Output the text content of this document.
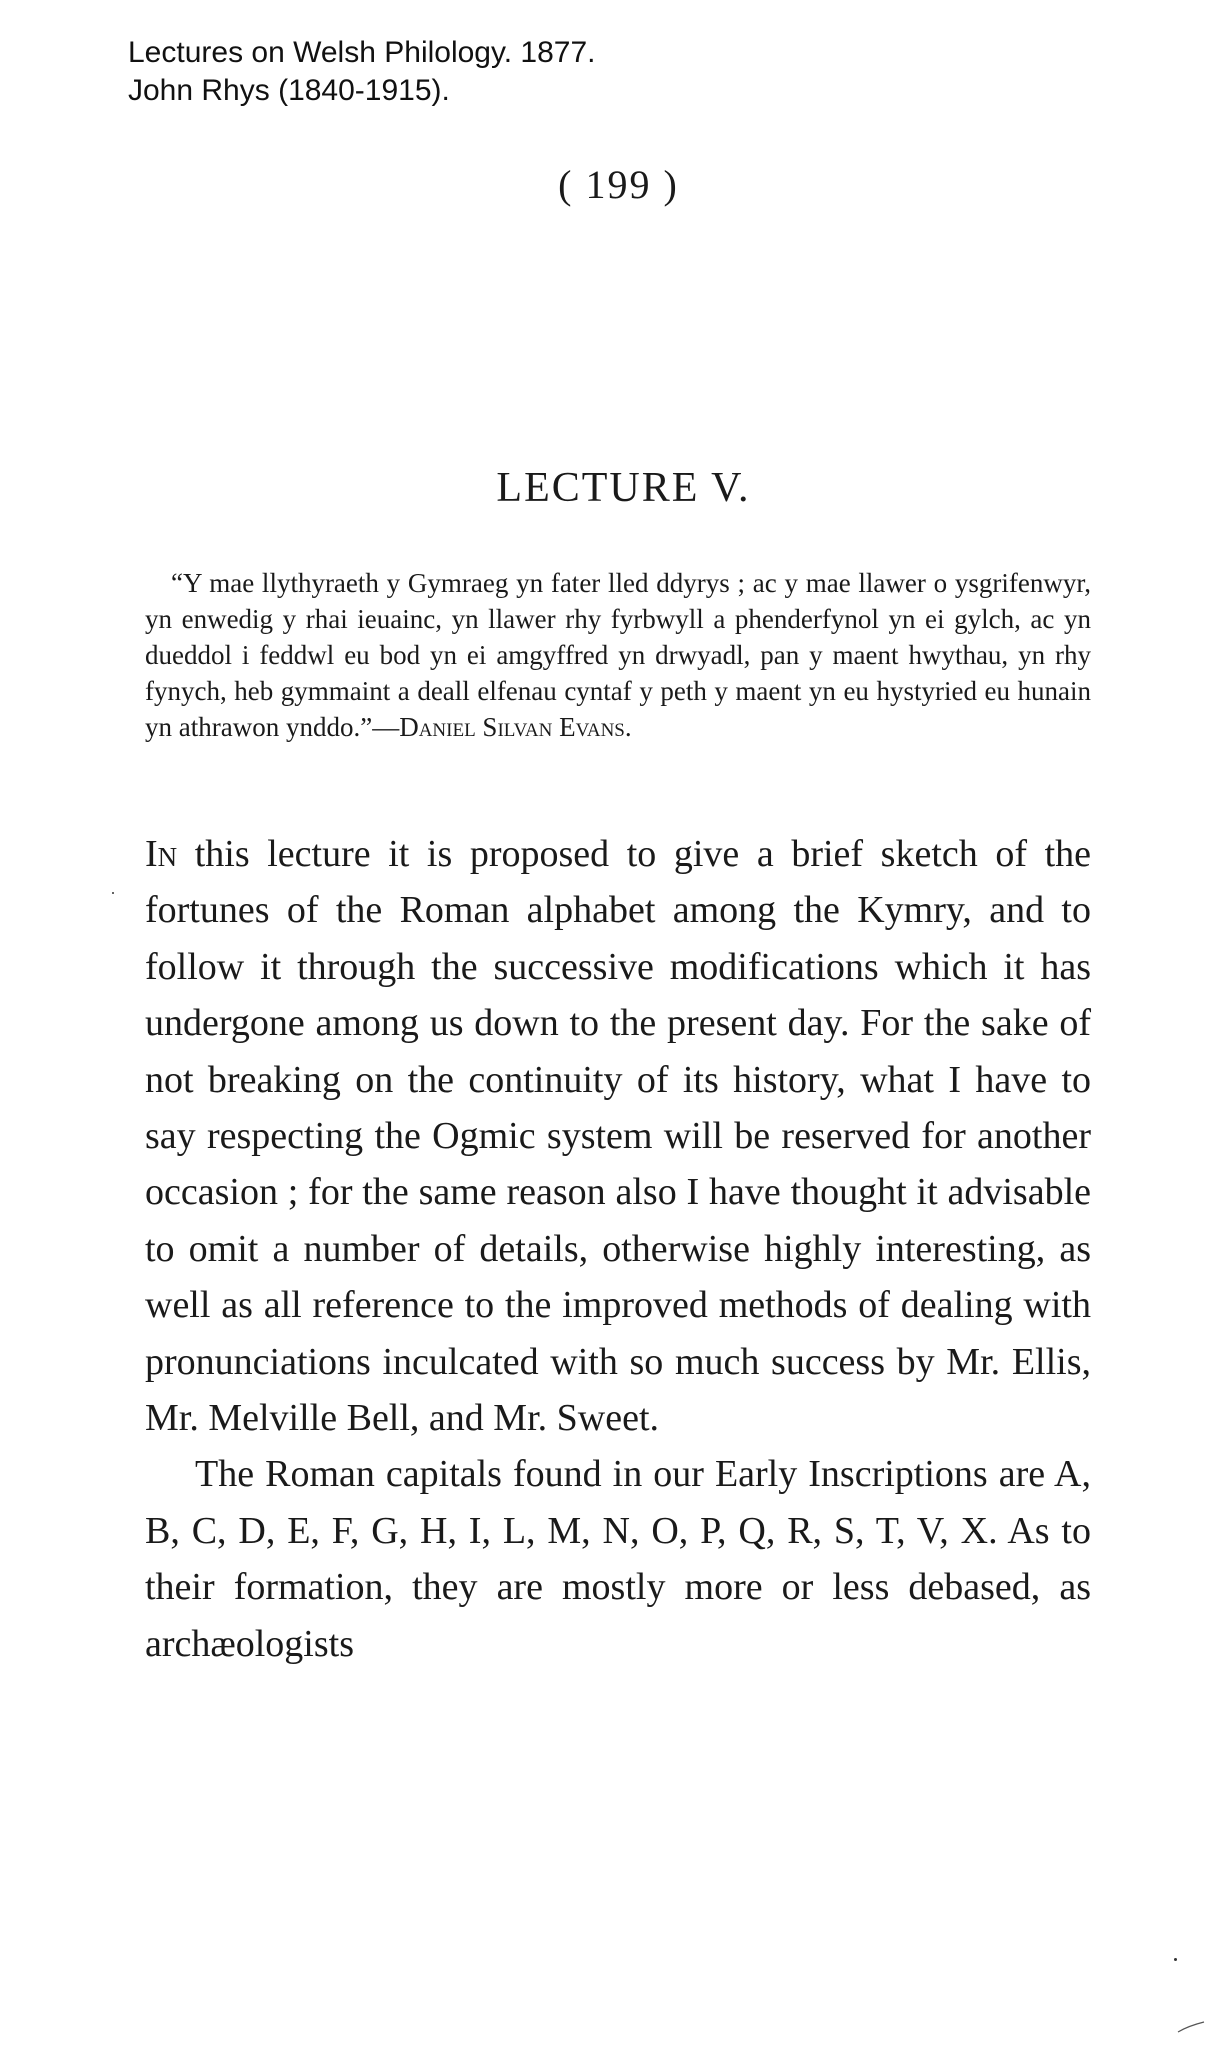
Lectures on Welsh Philology. 1877.
John Rhys (1840-1915).
( 199 )
LECTURE V.
“Y mae llythyraeth y Gymraeg yn fater lled ddyrys ; ac y mae llawer o ysgrifenwyr, yn enwedig y rhai ieuainc, yn llawer rhy fyrbwyll a phenderfynol yn ei gylch, ac yn dueddol i feddwl eu bod yn ei amgyffred yn drwyadl, pan y maent hwythau, yn rhy fynych, heb gymmaint a deall elfenau cyntaf y peth y maent yn eu hystyried eu hunain yn athrawon ynddo.”—Daniel Silvan Evans.

In this lecture it is proposed to give a brief sketch of the fortunes of the Roman alphabet among the Kymry, and to follow it through the successive modifications which it has undergone among us down to the present day. For the sake of not breaking on the continuity of its history, what I have to say respecting the Ogmic system will be reserved for another occasion ; for the same reason also I have thought it advisable to omit a number of details, otherwise highly interesting, as well as all reference to the improved methods of dealing with pronunciations inculcated with so much success by Mr. Ellis, Mr. Melville Bell, and Mr. Sweet.

The Roman capitals found in our Early Inscriptions are A, B, C, D, E, F, G, H, I, L, M, N, O, P, Q, R, S, T, V, X. As to their formation, they are mostly more or less debased, as archæologists
